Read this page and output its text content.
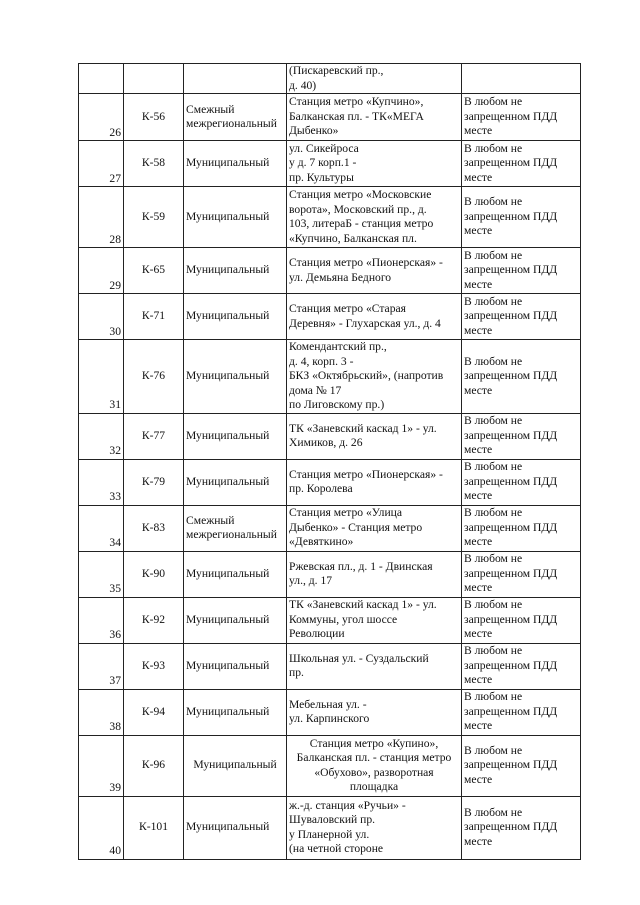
			(Пискаревский пр.,
д. 40)	

26	К-56	Смежный
межрегиональный	Станция метро «Купчино»,
Балканская пл. - ТК«МЕГА
Дыбенко»	В любом не
запрещенном ПДД
месте

27	К-58	Муниципальный	ул. Сикейроса
у д. 7 корп.1 -
пр. Культуры	В любом не
запрещенном ПДД
месте

28	К-59	Муниципальный	Станция метро «Московские
ворота», Московский пр., д.
103, литераБ - станция метро
«Купчино, Балканская пл.	В любом не
запрещенном ПДД
месте

29	К-65	Муниципальный	Станция метро «Пионерская» -
ул. Демьяна Бедного	В любом не
запрещенном ПДД
месте

30	К-71	Муниципальный	Станция метро «Старая
Деревня» - Глухарская ул., д. 4	В любом не
запрещенном ПДД
месте

31	К-76	Муниципальный	Комендантский пр.,
д. 4, корп. 3 -
БКЗ «Октябрьский», (напротив
дома № 17
по Лиговскому пр.)	В любом не
запрещенном ПДД
месте

32	К-77	Муниципальный	ТК «Заневский каскад 1» - ул.
Химиков, д. 26	В любом не
запрещенном ПДД
месте

33	К-79	Муниципальный	Станция метро «Пионерская» -
пр. Королева	В любом не
запрещенном ПДД
месте

34	К-83	Смежный
межрегиональный	Станция метро «Улица
Дыбенко» - Станция метро
«Девяткино»	В любом не
запрещенном ПДД
месте

35	К-90	Муниципальный	Ржевская пл., д. 1 - Двинская
ул., д. 17	В любом не
запрещенном ПДД
месте

36	К-92	Муниципальный	ТК «Заневский каскад 1» - ул.
Коммуны, угол шоссе
Революции	В любом не
запрещенном ПДД
месте

37	К-93	Муниципальный	Школьная ул. - Суздальский
пр.	В любом не
запрещенном ПДД
месте

38	К-94	Муниципальный	Мебельная ул. -
ул. Карпинского	В любом не
запрещенном ПДД
месте

39	К-96	Муниципальный	Станция метро «Купино»,
Балканская пл. - станция метро
«Обухово», разворотная
площадка	В любом не
запрещенном ПДД
месте

40	К-101	Муниципальный	ж.-д. станция «Ручьи» -
Шуваловский пр.
у Планерной ул.
(на четной стороне	В любом не
запрещенном ПДД
месте
